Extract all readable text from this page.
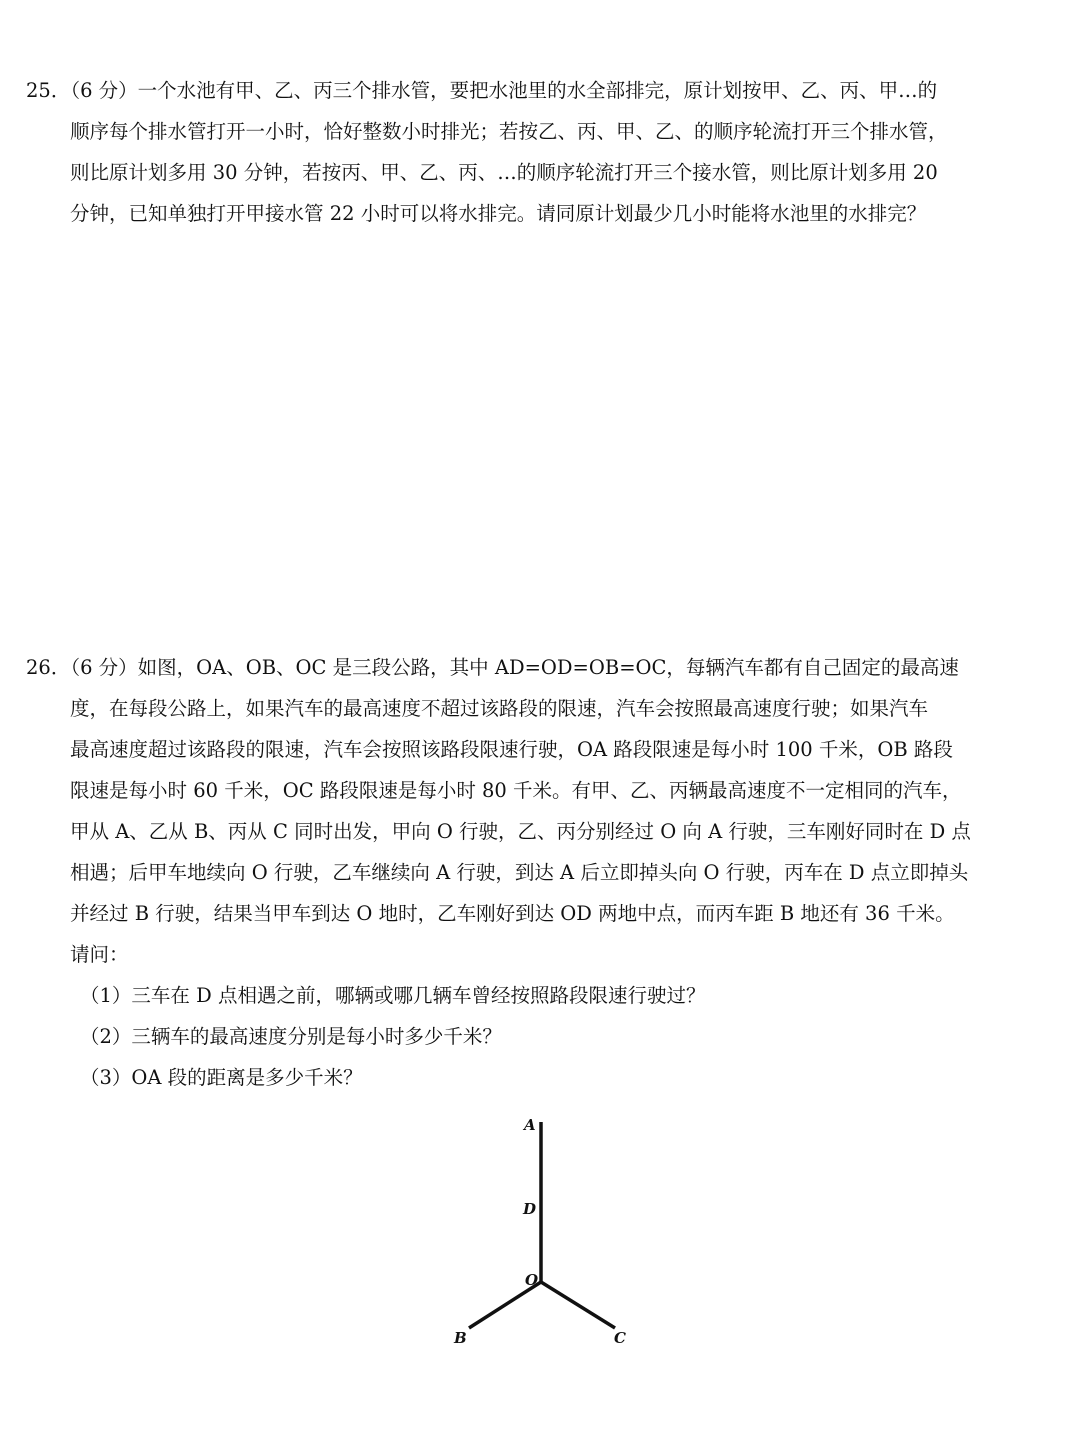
25．（6 分）一个水池有甲、乙、丙三个排水管，要把水池里的水全部排完，原计划按甲、乙、丙、甲…的

顺序每个排水管打开一小时，恰好整数小时排光；若按乙、丙、甲、乙、的顺序轮流打开三个排水管，

则比原计划多用 30 分钟，若按丙、甲、乙、丙、…的顺序轮流打开三个接水管，则比原计划多用 20

分钟，已知单独打开甲接水管 22 小时可以将水排完。请同原计划最少几小时能将水池里的水排完？

26．（6 分）如图，OA、OB、OC 是三段公路，其中 AD=OD=OB=OC，每辆汽车都有自己固定的最高速

度，在每段公路上，如果汽车的最高速度不超过该路段的限速，汽车会按照最高速度行驶；如果汽车

最高速度超过该路段的限速，汽车会按照该路段限速行驶，OA 路段限速是每小时 100 千米，OB 路段

限速是每小时 60 千米，OC 路段限速是每小时 80 千米。有甲、乙、丙辆最高速度不一定相同的汽车，

甲从 A、乙从 B、丙从 C 同时出发，甲向 O 行驶，乙、丙分别经过 O 向 A 行驶，三车刚好同时在 D 点

相遇；后甲车地续向 O 行驶，乙车继续向 A 行驶，到达 A 后立即掉头向 O 行驶，丙车在 D 点立即掉头

并经过 B 行驶，结果当甲车到达 O 地时，乙车刚好到达 OD 两地中点，而丙车距 B 地还有 36 千米。

请问：

（1）三车在 D 点相遇之前，哪辆或哪几辆车曾经按照路段限速行驶过？

（2）三辆车的最高速度分别是每小时多少千米？

（3）OA 段的距离是多少千米？

A
D
O
B	C
